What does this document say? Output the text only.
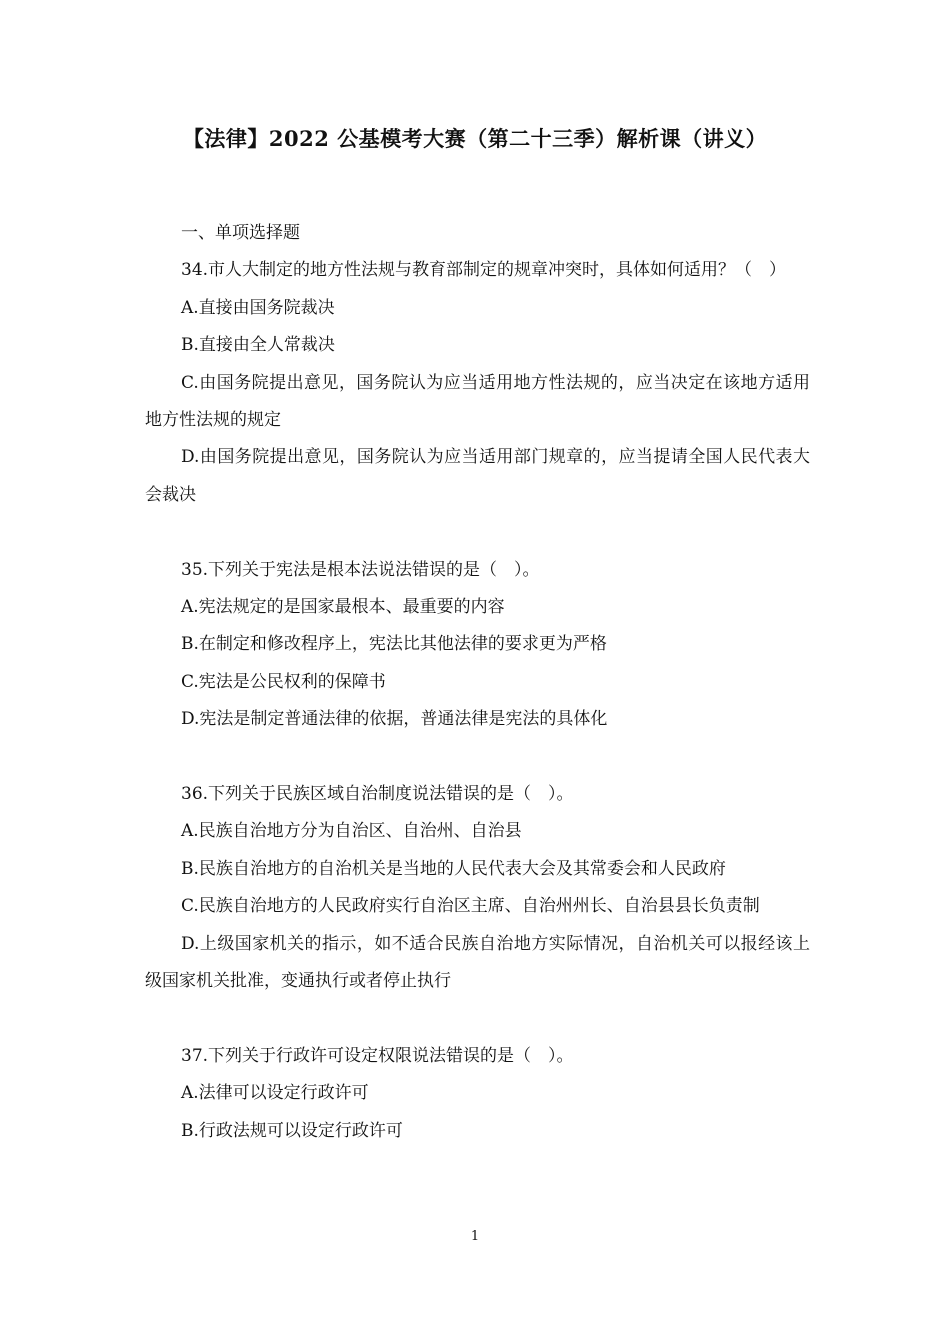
【法律】2022 公基模考大赛（第二十三季）解析课（讲义）
一、单项选择题
34.市人大制定的地方性法规与教育部制定的规章冲突时，具体如何适用？（　）
A.直接由国务院裁决
B.直接由全人常裁决
C.由国务院提出意见，国务院认为应当适用地方性法规的，应当决定在该地方适用地方性法规的规定
D.由国务院提出意见，国务院认为应当适用部门规章的，应当提请全国人民代表大会裁决
35.下列关于宪法是根本法说法错误的是（　）。
A.宪法规定的是国家最根本、最重要的内容
B.在制定和修改程序上，宪法比其他法律的要求更为严格
C.宪法是公民权利的保障书
D.宪法是制定普通法律的依据，普通法律是宪法的具体化
36.下列关于民族区域自治制度说法错误的是（　）。
A.民族自治地方分为自治区、自治州、自治县
B.民族自治地方的自治机关是当地的人民代表大会及其常委会和人民政府
C.民族自治地方的人民政府实行自治区主席、自治州州长、自治县县长负责制
D.上级国家机关的指示，如不适合民族自治地方实际情况，自治机关可以报经该上级国家机关批准，变通执行或者停止执行
37.下列关于行政许可设定权限说法错误的是（　）。
A.法律可以设定行政许可
B.行政法规可以设定行政许可
1
